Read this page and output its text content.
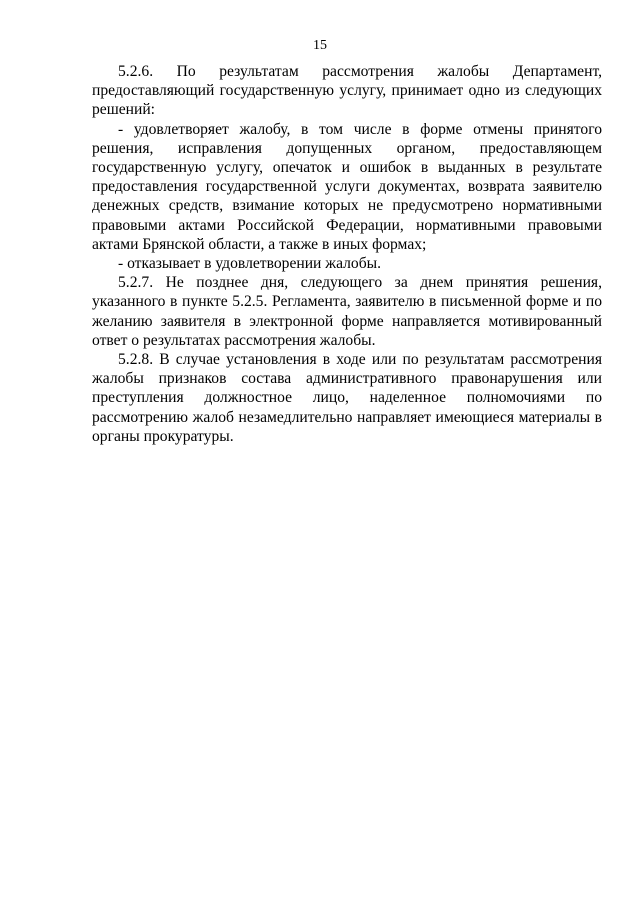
15

5.2.6. По результатам рассмотрения жалобы Департамент, предоставляющий государственную услугу, принимает одно из следующих решений:

- удовлетворяет жалобу, в том числе в форме отмены принятого решения, исправления допущенных органом, предоставляющем государственную услугу, опечаток и ошибок в выданных в результате предоставления государственной услуги документах, возврата заявителю денежных средств, взимание которых не предусмотрено нормативными правовыми актами Российской Федерации, нормативными правовыми актами Брянской области, а также в иных формах;

- отказывает в удовлетворении жалобы.

5.2.7. Не позднее дня, следующего за днем принятия решения, указанного в пункте 5.2.5. Регламента, заявителю в письменной форме и по желанию заявителя в электронной форме направляется мотивированный ответ о результатах рассмотрения жалобы.

5.2.8. В случае установления в ходе или по результатам рассмотрения жалобы признаков состава административного правонарушения или преступления должностное лицо, наделенное полномочиями по рассмотрению жалоб незамедлительно направляет имеющиеся материалы в органы прокуратуры.
